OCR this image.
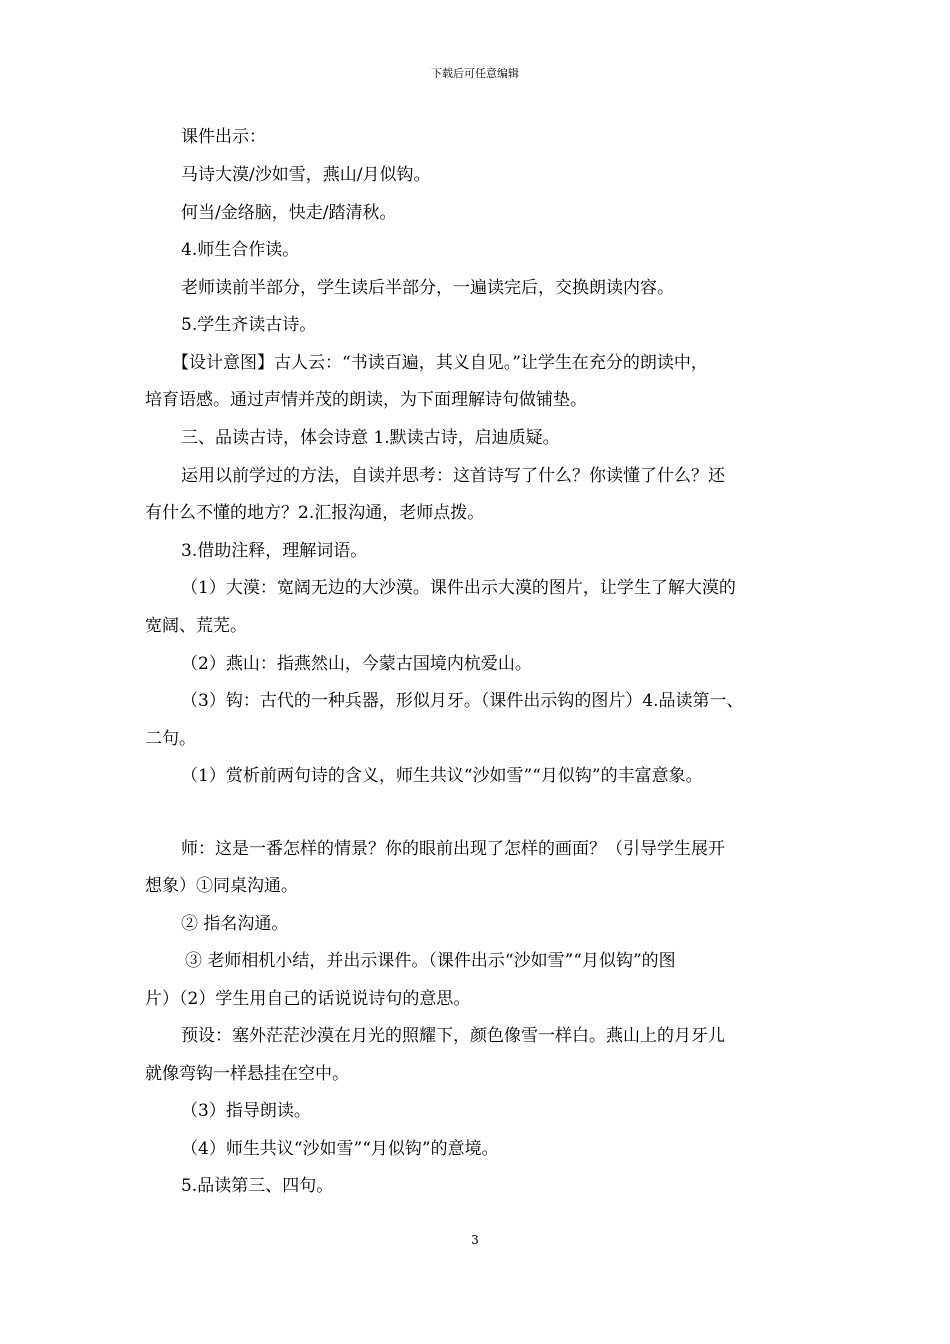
下载后可任意编辑
课件出示：
马诗大漠/沙如雪，燕山/月似钩。
何当/金络脑，快走/踏清秋。
4.师生合作读。
老师读前半部分，学生读后半部分，一遍读完后，交换朗读内容。
5.学生齐读古诗。
【设计意图】古人云：“书读百遍，其义自见。”让学生在充分的朗读中，
培育语感。通过声情并茂的朗读，为下面理解诗句做铺垫。
三、品读古诗，体会诗意 1.默读古诗，启迪质疑。
运用以前学过的方法，自读并思考：这首诗写了什么？你读懂了什么？还
有什么不懂的地方？2.汇报沟通，老师点拨。
3.借助注释，理解词语。
（1）大漠：宽阔无边的大沙漠。课件出示大漠的图片，让学生了解大漠的
宽阔、荒芜。
（2）燕山：指燕然山，今蒙古国境内杭爱山。
（3）钩：古代的一种兵器，形似月牙。（课件出示钩的图片）4.品读第一、
二句。
（1）赏析前两句诗的含义，师生共议“沙如雪”“月似钩”的丰富意象。
师：这是一番怎样的情景？你的眼前出现了怎样的画面？（引导学生展开
想象）①同桌沟通。
② 指名沟通。
③ 老师相机小结，并出示课件。（课件出示“沙如雪”“月似钩”的图
片）（2）学生用自己的话说说诗句的意思。
预设：塞外茫茫沙漠在月光的照耀下，颜色像雪一样白。燕山上的月牙儿
就像弯钩一样悬挂在空中。
（3）指导朗读。
（4）师生共议“沙如雪”“月似钩”的意境。
5.品读第三、四句。
3
